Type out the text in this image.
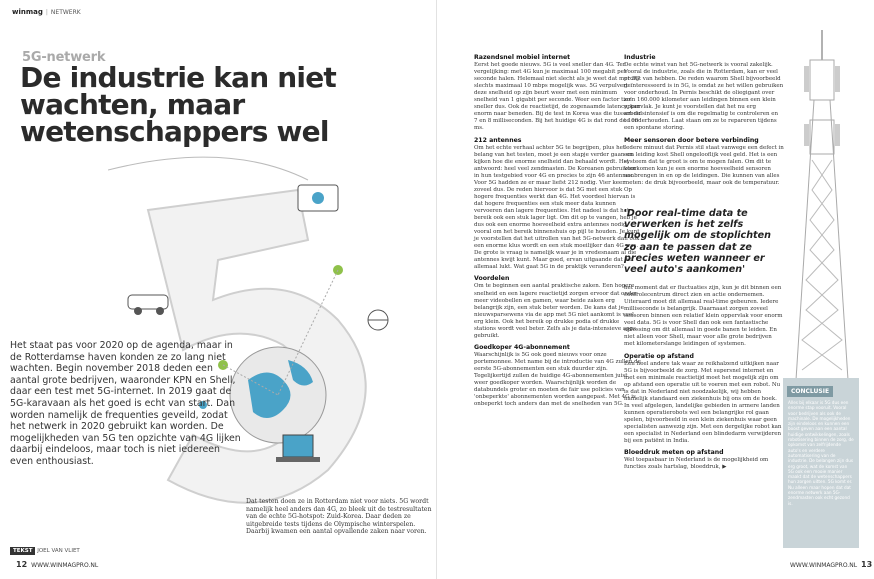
winmag | NETWERK
5G-netwerk
De industrie kan niet wachten, maar wetenschappers wel
Het staat pas voor 2020 op de agenda, maar in de Rotterdamse haven konden ze zo lang niet wachten. Begin november 2018 deden een aantal grote bedrijven, waaronder KPN en Shell, daar een test met 5G-internet. In 2019 gaat de 5G-karavaan als het goed is echt van start. Dan worden namelijk de frequenties geveild, zodat het netwerk in 2020 gebruikt kan worden. De mogelijkheden van 5G ten opzichte van 4G lijken daarbij eindeloos, maar toch is niet iedereen even enthousiast.
TEKST JOEL VAN VLIET
Dat testen doen ze in Rotterdam niet voor niets. 5G wordt namelijk heel anders dan 4G, zo bleek uit de testresultaten van de echte 5G-hotspot: Zuid-Korea. Daar deden ze uitgebreide tests tijdens de Olympische winterspelen. Daarbij kwamen een aantal opvallende zaken naar voren.
Razendsnel mobiel internet

Eerst het goede nieuws. 5G is veel sneller dan 4G. Ter vergelijking: met 4G kun je maximaal 100 megabit per seconde halen. Helemaal niet slecht als je weet dat met 3G slechts maximaal 10 mbps mogelijk was. 5G verpulvert deze snelheid op zijn beurt weer met een minimum snelheid van 1 gigabit per seconde. Weer een factor tien sneller dus. Ook de reactietijd, de zogenaamde latency, kan enorm naar beneden. Bij de test in Korea was die tussen de 7 en 8 milliseconden. Bij het huidige 4G is dat rond de 100 ms.

212 antennes

Om het echte verhaal achter 5G te begrijpen, plus het belang van het testen, moet je een stapje verder gaan en kijken hoe die enorme snelheid dan behaald wordt. Het antwoord: heel veel zendmasten. De Koreanen gebruikten in hun testgebied voor 4G en precies te zijn 46 antennes. Voor 5G hadden ze er maar liefst 212 nodig. Vier keer zoveel dus. De reden hiervoor is dat 5G met een stuk hogere frequenties werkt dan 4G. Het voordeel hiervan is dat hogere frequenties een stuk meer data kunnen vervoeren dan lagere frequenties. Het nadeel is dat het bereik ook een stuk lager ligt. Om dit op te vangen, heb je dus ook een enorme hoeveelheid extra antennes nodig, vooral om het bereik binnenshuis op pijl te houden. Je kunt je voorstellen dat het uitrollen van het 5G-netwerk dan ook een enorme klus wordt en een stuk moeilijker dan 4G was. De grote is vraag is namelijk waar je in vredesnaam al die antennes kwijt kunt. Maar goed, ervan uitgaande dat het allemaal lukt. Wat gaat 5G in de praktijk veranderen?

Voordelen

Om te beginnen een aantal praktische zaken. Een hogere snelheid en een lagere reactietijd zorgen ervoor dat onder meer videobellen en gamen, waar beide zaken erg belangrijk zijn, een stuk beter worden. De kans dat je nieuwsparsewens via de app met 5G niet aankomt is veel erg klein. Ook het bereik op drukke podia of drukke stations wordt veel beter. Zelfs als je data-intensieve apps gebruikt.

Goedkoper 4G-abonnement

Waarschijnlijk is 5G ook goed nieuws voor onze portemonnee. Met name bij de introductie van 4G zullen de eerste 5G-abonnementen een stuk duurder zijn. Tegelijkertijd zullen de huidige 4G-abonnementen juist weer goedkoper worden. Waarschijnlijk worden de databundels groter en moeten de fair use policies van 'onbeperkte' abonnementen worden aangepast. Met 4G is onbeperkt toch anders dan met de snelheden van 5G.

Industrie

De echte winst van het 5G-netwerk is vooral zakelijk. Vooral de industrie, zoals die in Rotterdam, kan er veel profijt van hebben. De reden waarom Shell bijvoorbeeld geïnteresseerd is in 5G, is omdat ze het willen gebruiken voor onderhoud. In Pernis beschikt de oliegigant over zo'n 160.000 kilometer aan leidingen binnen een klein oppervlak. Je kunt je voorstellen dat het nu erg arbeidsintensief is om die regelmatig te controleren en te onderhouden. Laat staan om ze te repareren tijdens een spontane storing.

Meer sensoren door betere verbinding

Iedere minuut dat Pernis stil staat vanwege een defect in een leiding kost Shell ongelooflijk veel geld. Het is een systeem dat te groot is om te mogen falen. Om dit te voorkomen kun je een enorme hoeveelheid sensoren aanbrengen in en op de leidingen. Die kunnen van alles meten: de druk bijvoorbeeld, maar ook de temperatuur. Op

'Door real-time data te verwerken is het zelfs mogelijk om de stoplichten zo aan te passen dat ze precies weten wanneer er veel auto's aankomen'

het moment dat er fluctuaties zijn, kun je dit binnen een controlecentrum direct zien en actie ondernemen. Uiteraard moet dit allemaal real-time gebeuren. Iedere milliseconde is belangrijk. Daarnaast zorgen zoveel sensoren binnen een relatief klein oppervlak voor enorm veel data. 5G is voor Shell dan ook een fantastische oplossing om dit allemaal in goede banen te leiden. En niet alleen voor Shell, maar voor alle grote bedrijven met kilometerslange leidingen of systemen.

Operatie op afstand

Een heel andere tak waar ze reikhalzend uitkijken naar 5G is bijvoorbeeld de zorg. Met supersnel internet en met een minimale reactietijd moet het mogelijk zijn om op afstand een operatie uit te voeren met een robot. Nu is dat in Nederland niet noodzakelijk, wij hebben namelijk standaard een ziekenhuis bij ons om de hoek. In veel afgelegen, landelijke gebieden in armere landen kunnen operatierobots wel een belangrijke rol gaan spelen, bijvoorbeeld in een klein ziekenhuis waar geen specialisten aanwezig zijn. Met een dergelijke robot kan een specialist in Nederland een blindedarm verwijderen bij een patiënt in India.

Bloeddruk meten op afstand

Wel toepasbaar in Nederland is de mogelijkheid om functies zoals hartslag, bloeddruk, ▶

CONCLUSIE
Alles bij elkaar is 5G dus een enorme stap vooruit. Vooral voor bedrijven als ook de machinale. De mogelijkheden zijn eindeloos en kunnen een boost geven aan een aantal huidige ontwikkelingen, zoals robotisering binnen de zorg, de opkomst van zelfrijdende auto's en verdere automatisering van de industrie. De belangen zijn dus erg groot, wat de komst van 5G ook een mooie manier maakt dat de wetenschappers hun zorgen uitten. 5G komt er. Nu alleen maar hopen dat dat enorme netwerk aan 5G-zendmasten ook echt gezond is.
12 WWW.WINMAGPRO.NL	WWW.WINMAGPRO.NL 13
